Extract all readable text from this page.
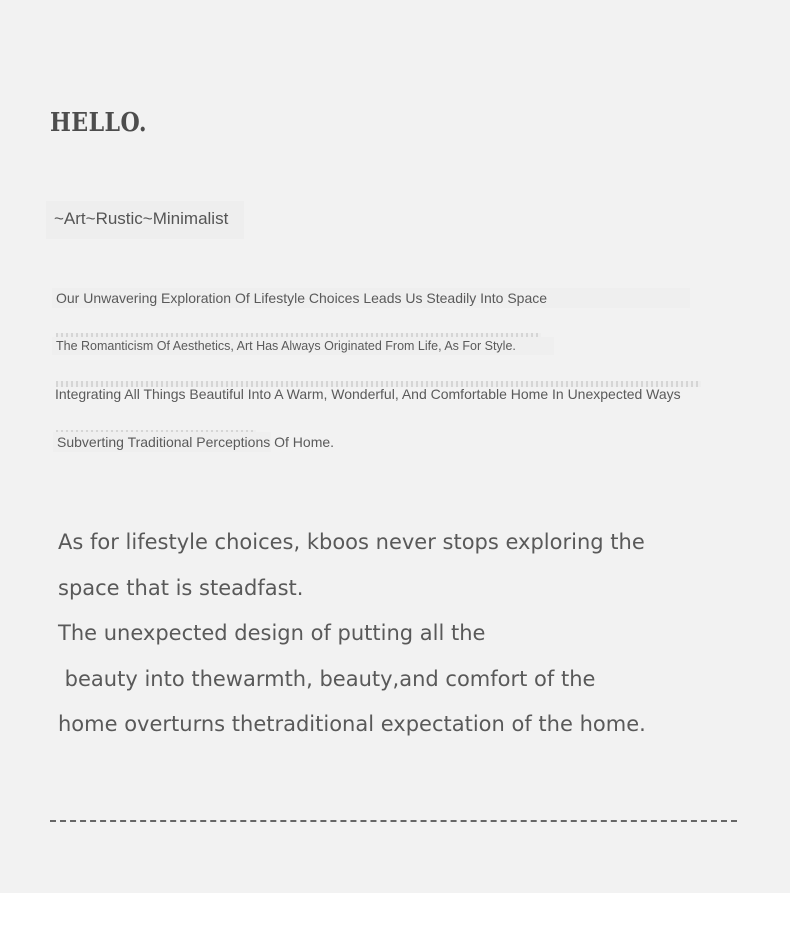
HELLO.
~Art~Rustic~Minimalist
Our Unwavering Exploration Of Lifestyle Choices Leads Us Steadily Into Space
The Romanticism Of Aesthetics, Art Has Always Originated From Life, As For Style.
Integrating All Things Beautiful Into A Warm, Wonderful, And Comfortable Home In Unexpected Ways
Subverting Traditional Perceptions Of Home.
As for lifestyle choices, kboos never stops exploring the
space that is steadfast.
The unexpected design of putting all the
beauty into thewarmth, beauty,and comfort of the
home overturns thetraditional expectation of the home.
